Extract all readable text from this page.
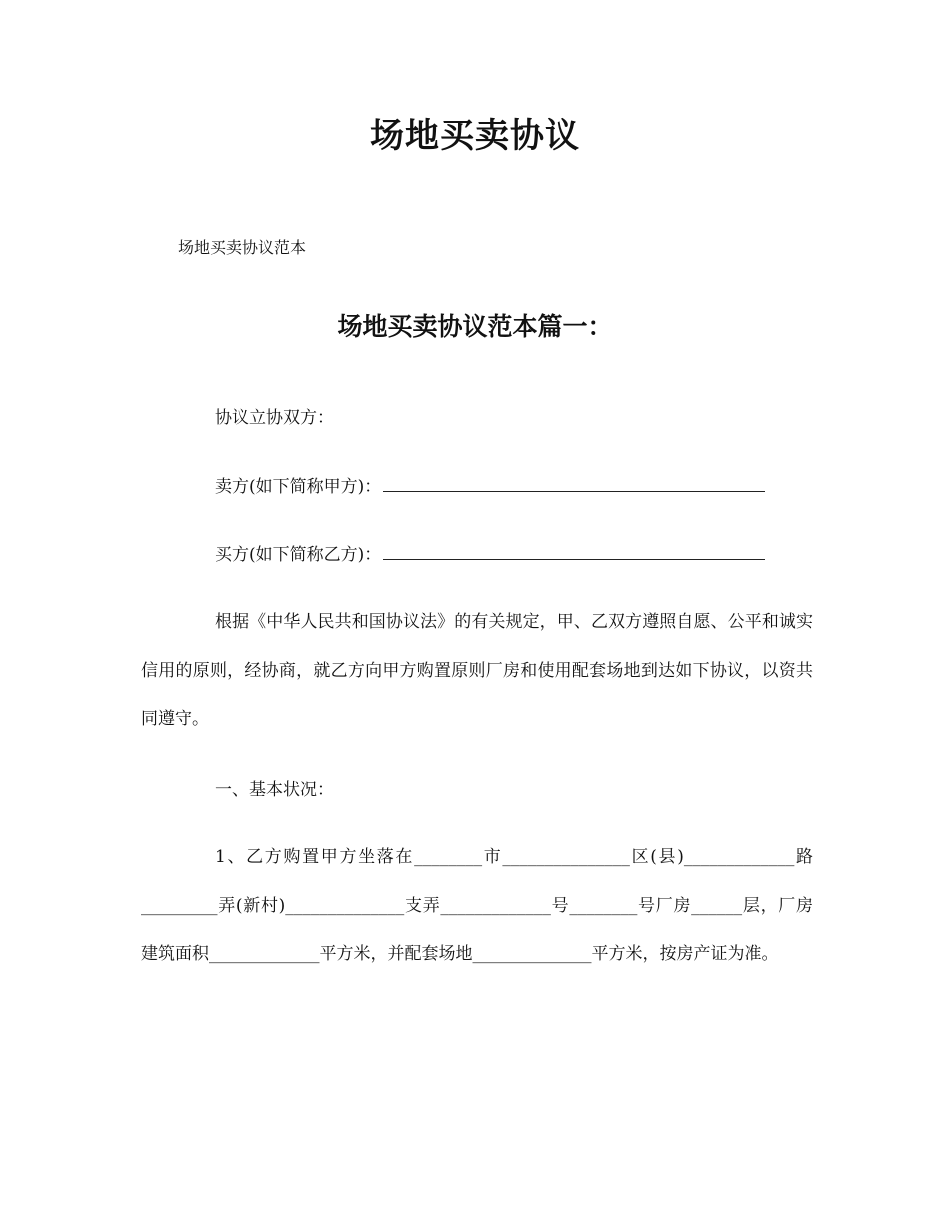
场地买卖协议

场地买卖协议范本

场地买卖协议范本篇一：

协议立协双方：

卖方(如下简称甲方)：

买方(如下简称乙方)：

根据《中华人民共和国协议法》的有关规定，甲、乙双方遵照自愿、公平和诚实信用的原则，经协商，就乙方向甲方购置原则厂房和使用配套场地到达如下协议，以资共同遵守。

一、基本状况：

1、乙方购置甲方坐落在________市_______________区(县)_____________路_________弄(新村)______________支弄_____________号________号厂房______层，厂房建筑面积_____________平方米，并配套场地______________平方米，按房产证为准。
